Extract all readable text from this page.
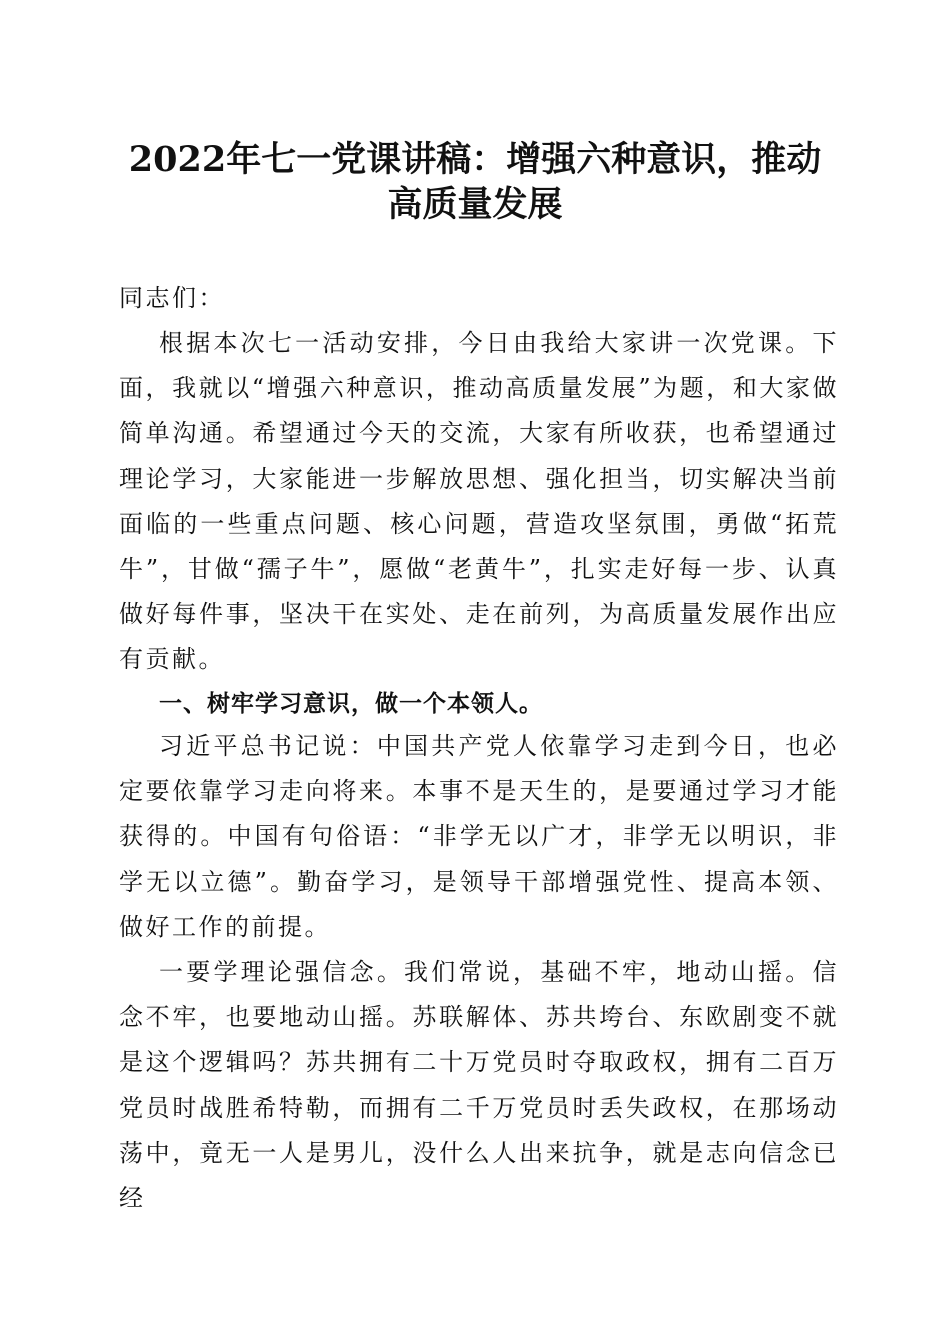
2022年七一党课讲稿：增强六种意识，推动
高质量发展

同志们：

根据本次七一活动安排，今日由我给大家讲一次党课。下面，我就以“增强六种意识，推动高质量发展”为题，和大家做简单沟通。希望通过今天的交流，大家有所收获，也希望通过理论学习，大家能进一步解放思想、强化担当，切实解决当前面临的一些重点问题、核心问题，营造攻坚氛围，勇做“拓荒牛”，甘做“孺子牛”，愿做“老黄牛”，扎实走好每一步、认真做好每件事，坚决干在实处、走在前列，为高质量发展作出应有贡献。

一、树牢学习意识，做一个本领人。

习近平总书记说：中国共产党人依靠学习走到今日，也必定要依靠学习走向将来。本事不是天生的，是要通过学习才能获得的。中国有句俗语：“非学无以广才，非学无以明识，非学无以立德”。勤奋学习，是领导干部增强党性、提高本领、做好工作的前提。

一要学理论强信念。我们常说，基础不牢，地动山摇。信念不牢，也要地动山摇。苏联解体、苏共垮台、东欧剧变不就是这个逻辑吗？苏共拥有二十万党员时夺取政权，拥有二百万党员时战胜希特勒，而拥有二千万党员时丢失政权，在那场动荡中，竟无一人是男儿，没什么人出来抗争，就是志向信念已经
